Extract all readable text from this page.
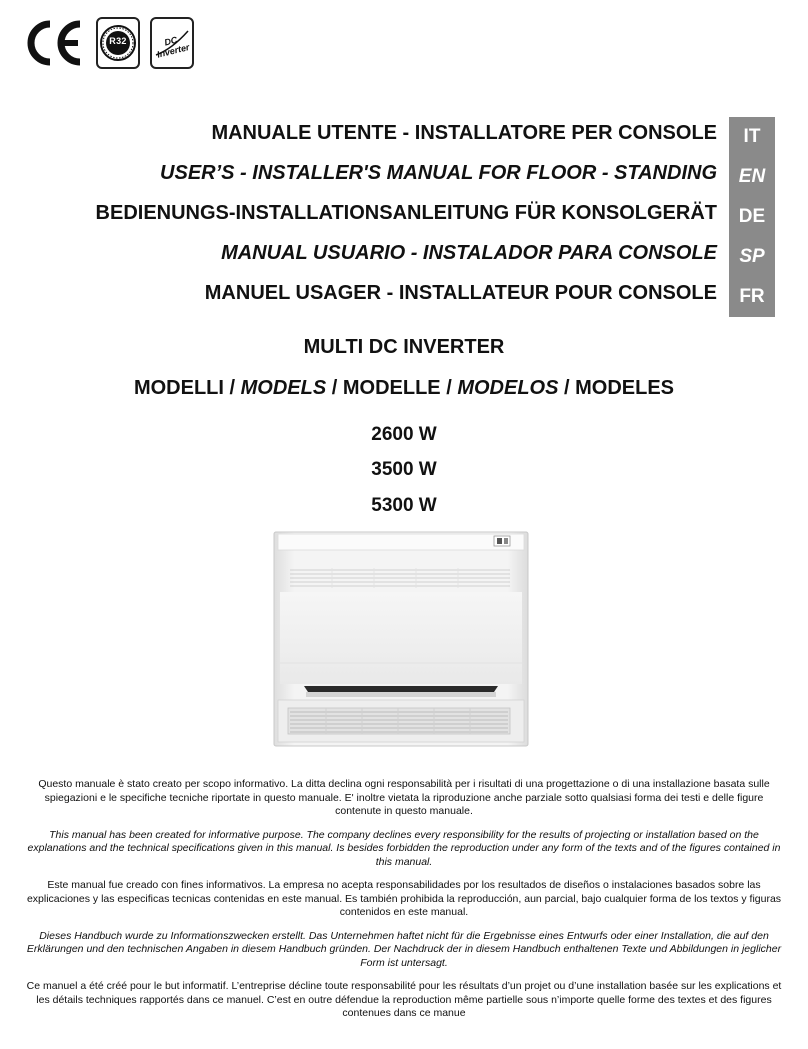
R32	DC Inverter
MANUALE UTENTE - INSTALLATORE PER CONSOLE	IT
USER’S - INSTALLER'S MANUAL FOR FLOOR - STANDING	EN
BEDIENUNGS-INSTALLATIONSANLEITUNG FÜR KONSOLGERÄT	DE
MANUAL USUARIO - INSTALADOR PARA CONSOLE	SP
MANUEL USAGER - INSTALLATEUR POUR CONSOLE	FR
MULTI DC INVERTER
MODELLI / MODELS / MODELLE / MODELOS / MODELES
2600 W
3500 W
5300 W

Questo manuale è stato creato per scopo informativo. La ditta declina ogni responsabilità per i risultati di una progettazione o di una installazione basata sulle spiegazioni e le specifiche tecniche riportate in questo manuale. E' inoltre vietata la riproduzione anche parziale sotto qualsiasi forma dei testi e delle figure contenute in questo manuale.

This manual has been created for informative purpose. The company declines every responsibility for the results of projecting or installation based on the explanations and the technical specifications given in this manual. Is besides forbidden the reproduction under any form of the texts and of the figures contained in this manual.

Este manual fue creado con fines informativos. La empresa no acepta responsabilidades por los resultados de diseños o instalaciones basados sobre las explicaciones y las especificas tecnicas contenidas en este manual. Es también prohibida la reproducción, aun parcial, bajo cualquier forma de los textos y figuras contenidos en este manual.

Dieses Handbuch wurde zu Informationszwecken erstellt. Das Unternehmen haftet nicht für die Ergebnisse eines Entwurfs oder einer Installation, die auf den Erklärungen und den technischen Angaben in diesem Handbuch gründen. Der Nachdruck der in diesem Handbuch enthaltenen Texte und Abbildungen in jeglicher Form ist untersagt.

Ce manuel a été créé pour le but informatif. L’entreprise décline toute responsabilité pour les résultats d’un projet ou d’une installation basée sur les explications et les détails techniques rapportés dans ce manuel. C’est en outre défendue la reproduction même partielle sous n’importe quelle forme des textes et des figures contenues dans ce manue
